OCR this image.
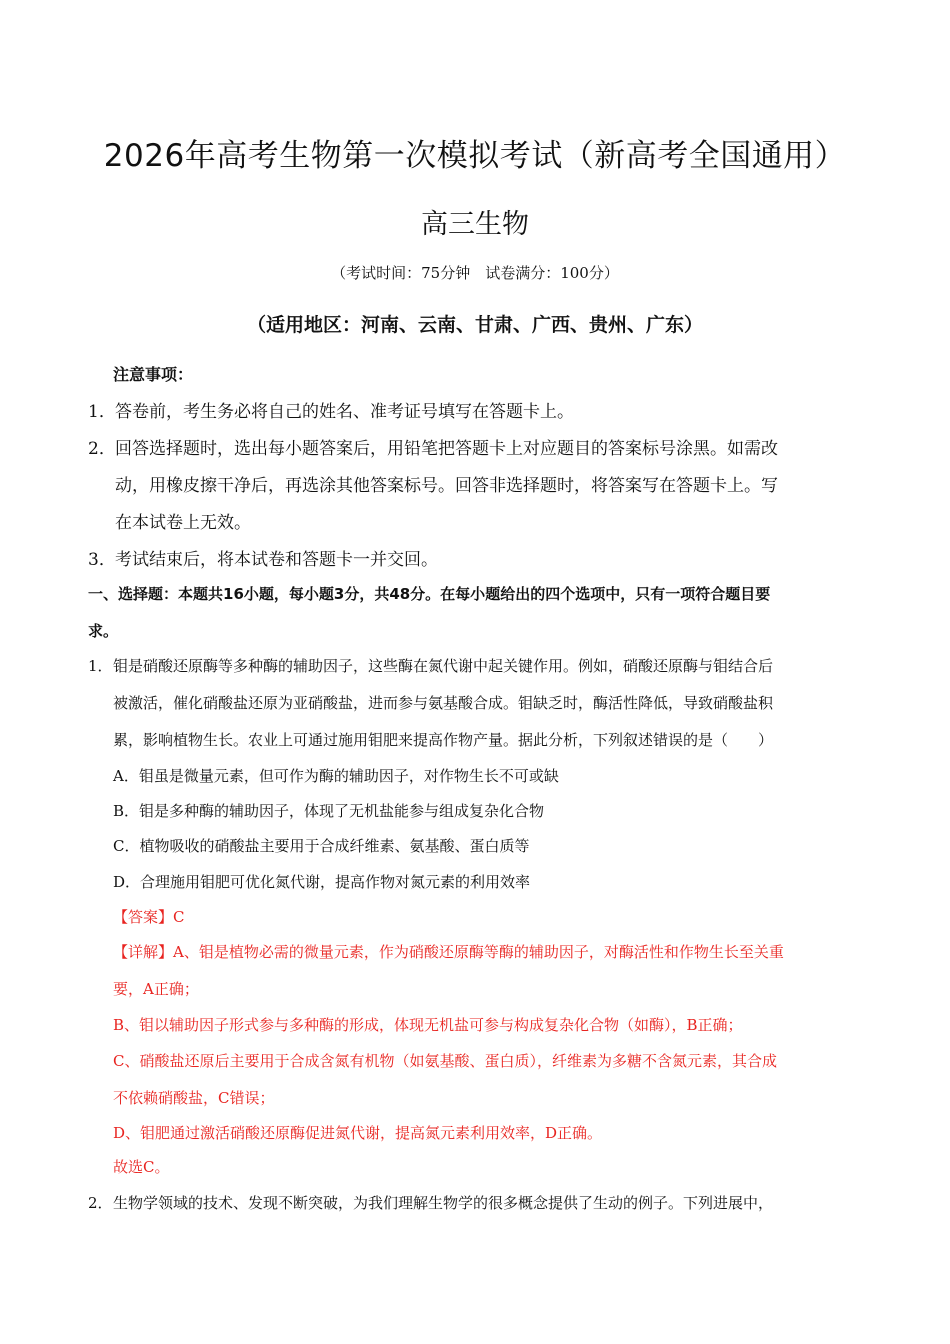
2026年高考生物第一次模拟考试（新高考全国通用）
高三生物
（考试时间：75分钟　试卷满分：100分）
（适用地区：河南、云南、甘肃、广西、贵州、广东）
注意事项：
1． 答卷前，考生务必将自己的姓名、准考证号填写在答题卡上。
2． 回答选择题时，选出每小题答案后，用铅笔把答题卡上对应题目的答案标号涂黑。如需改
动，用橡皮擦干净后，再选涂其他答案标号。回答非选择题时，将答案写在答题卡上。写
在本试卷上无效。
3． 考试结束后，将本试卷和答题卡一并交回。
一、选择题：本题共16小题，每小题3分，共48分。在每小题给出的四个选项中，只有一项符合题目要
求。
1． 钼是硝酸还原酶等多种酶的辅助因子，这些酶在氮代谢中起关键作用。例如，硝酸还原酶与钼结合后
被激活，催化硝酸盐还原为亚硝酸盐，进而参与氨基酸合成。钼缺乏时，酶活性降低，导致硝酸盐积
累，影响植物生长。农业上可通过施用钼肥来提高作物产量。据此分析，下列叙述错误的是（　　）
A．钼虽是微量元素，但可作为酶的辅助因子，对作物生长不可或缺
B．钼是多种酶的辅助因子，体现了无机盐能参与组成复杂化合物
C．植物吸收的硝酸盐主要用于合成纤维素、氨基酸、蛋白质等
D．合理施用钼肥可优化氮代谢，提高作物对氮元素的利用效率
【答案】C
【详解】A、钼是植物必需的微量元素，作为硝酸还原酶等酶的辅助因子，对酶活性和作物生长至关重
要，A正确；
B、钼以辅助因子形式参与多种酶的形成，体现无机盐可参与构成复杂化合物（如酶），B正确；
C、硝酸盐还原后主要用于合成含氮有机物（如氨基酸、蛋白质），纤维素为多糖不含氮元素，其合成
不依赖硝酸盐，C错误；
D、钼肥通过激活硝酸还原酶促进氮代谢，提高氮元素利用效率，D正确。
故选C。
2． 生物学领域的技术、发现不断突破，为我们理解生物学的很多概念提供了生动的例子。下列进展中，
